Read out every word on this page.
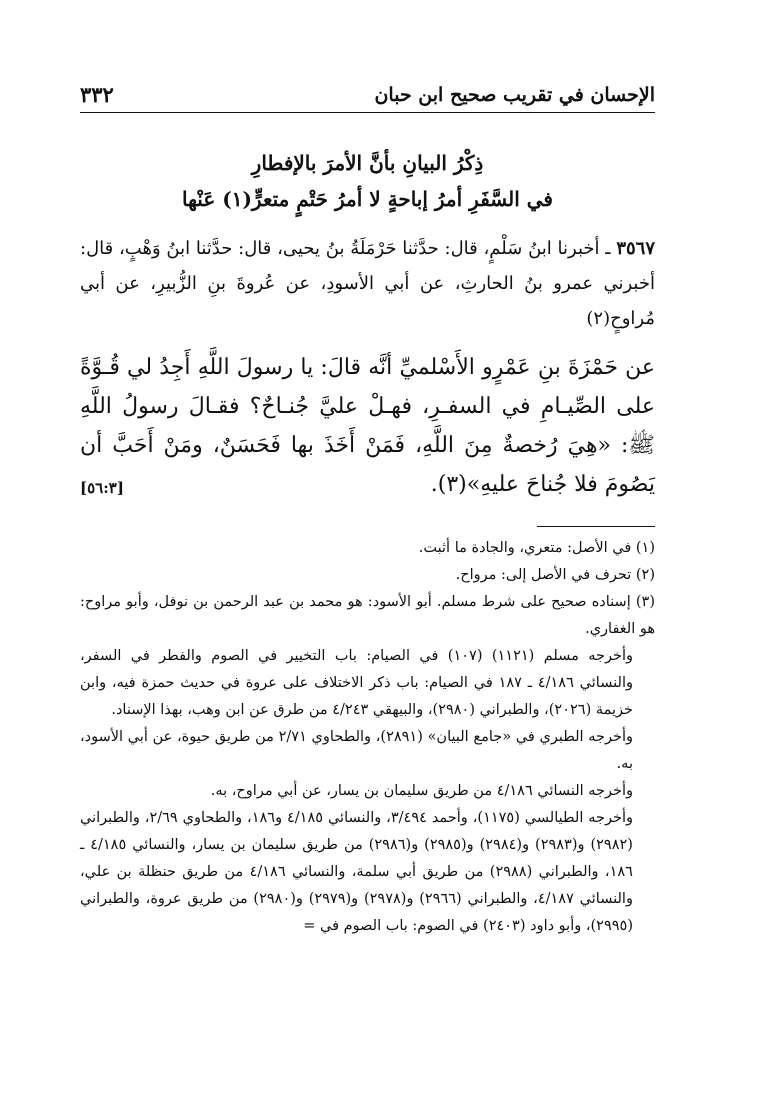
الإحسان في تقريب صحيح ابن حبان
٣٣٢
ذِكْرُ البيانِ بأنَّ الأمرَ بالإفطارِ
في السَّفَرِ أمرُ إباحةٍ لا أمرُ حَتْمٍ متعرٍّ(١) عَنْها
٣٥٦٧ ـ أخبرنا ابنُ سَلْمٍ، قال: حدَّثنا حَرْمَلَةُ بنُ يحيى، قال: حدَّثنا ابنُ وَهْبٍ، قال: أخبرني عمرو بنُ الحارثِ، عن أبي الأسودِ، عن عُروةَ بنِ الزُّبيرِ، عن أبي مُراوحٍ(٢)
عن حَمْزَةَ بنِ عَمْرٍو الأَسْلميِّ أنَّه قالَ: يا رسولَ اللَّهِ أَجِدُ لي قُـوَّةً على الصِّيـامِ في السفـرِ، فهـلْ عليَّ جُنـاحٌ؟ فقـالَ رسولُ اللَّهِ ﷺ: «هِيَ رُخصةٌ مِنَ اللَّهِ، فَمَنْ أَخَذَ بها فَحَسَنٌ، ومَنْ أَحَبَّ أن يَصُومَ فلا جُناحَ عليهِ»(٣).
[٥٦:٣]

(١) في الأصل: متعري، والجادة ما أثبت.

(٢) تحرف في الأصل إلى: مرواح.

(٣) إسناده صحيح على شرط مسلم. أبو الأسود: هو محمد بن عبد الرحمن بن نوفل، وأبو مراوح: هو الغفاري.

وأخرجه مسلم (١١٢١) (١٠٧) في الصيام: باب التخيير في الصوم والفطر في السفر، والنسائي ٤/١٨٦ ـ ١٨٧ في الصيام: باب ذكر الاختلاف على عروة في حديث حمزة فيه، وابن خزيمة (٢٠٢٦)، والطبراني (٢٩٨٠)، والبيهقي ٤/٢٤٣ من طرق عن ابن وهب، بهذا الإسناد.

وأخرجه الطبري في «جامع البيان» (٢٨٩١)، والطحاوي ٢/٧١ من طريق حيوة، عن أبي الأسود، به.

وأخرجه النسائي ٤/١٨٦ من طريق سليمان بن يسار، عن أبي مراوح، به.

وأخرجه الطيالسي (١١٧٥)، وأحمد ٣/٤٩٤، والنسائي ٤/١٨٥ و١٨٦، والطحاوي ٢/٦٩، والطبراني (٢٩٨٢) و(٢٩٨٣) و(٢٩٨٤) و(٢٩٨٥) و(٢٩٨٦) من طريق سليمان بن يسار، والنسائي ٤/١٨٥ ـ ١٨٦، والطبراني (٢٩٨٨) من طريق أبي سلمة، والنسائي ٤/١٨٦ من طريق حنظلة بن علي، والنسائي ٤/١٨٧، والطبراني (٢٩٦٦) و(٢٩٧٨) و(٢٩٧٩) و(٢٩٨٠) من طريق عروة، والطبراني (٢٩٩٥)، وأبو داود (٢٤٠٣) في الصوم: باب الصوم في =
